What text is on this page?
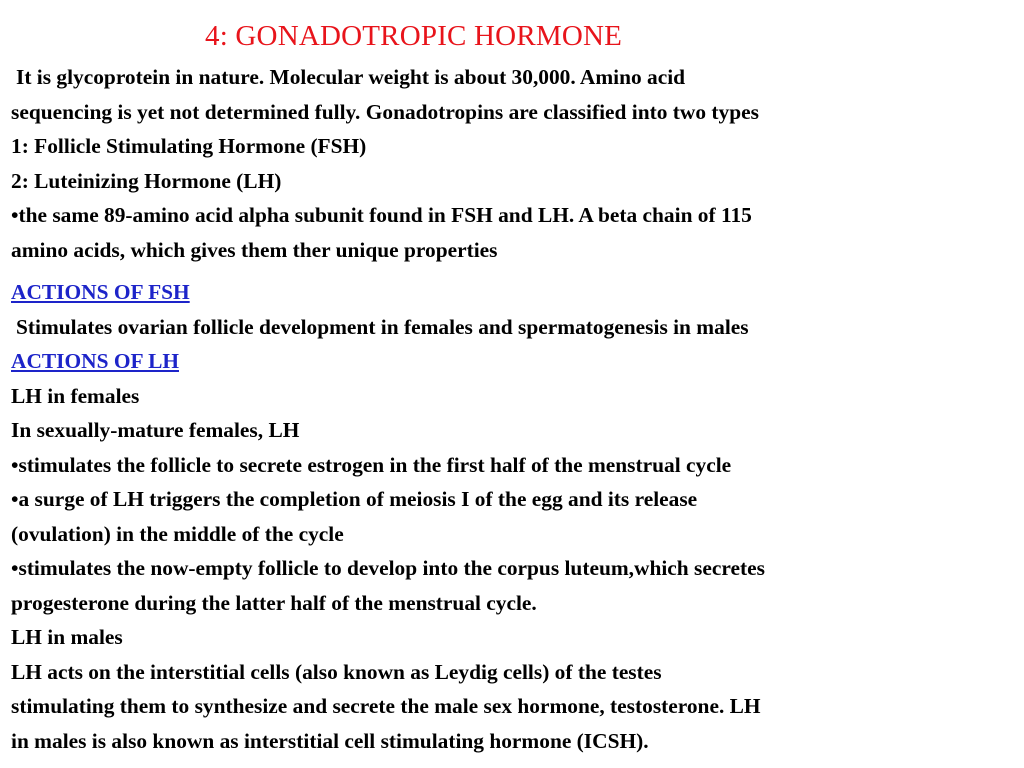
4: GONADOTROPIC HORMONE
It is glycoprotein in nature. Molecular weight is about 30,000. Amino acid
sequencing is yet not determined fully. Gonadotropins are classified into two types
1: Follicle Stimulating Hormone (FSH)
2: Luteinizing Hormone (LH)
•the same 89-amino acid alpha subunit found in FSH and LH. A beta chain of 115
amino acids, which gives them ther unique properties
ACTIONS OF FSH
Stimulates ovarian follicle development in females and spermatogenesis in males
ACTIONS OF LH
LH in females
In sexually-mature females, LH
•stimulates the follicle to secrete estrogen in the first half of the menstrual cycle
•a surge of LH triggers the completion of meiosis I of the egg and its release
(ovulation) in the middle of the cycle
•stimulates the now-empty follicle to develop into the corpus luteum,which secretes
progesterone during the latter half of the menstrual cycle.
LH in males
LH acts on the interstitial cells (also known as Leydig cells) of the testes
stimulating them to synthesize and secrete the male sex hormone, testosterone. LH
in males is also known as interstitial cell stimulating hormone (ICSH).
